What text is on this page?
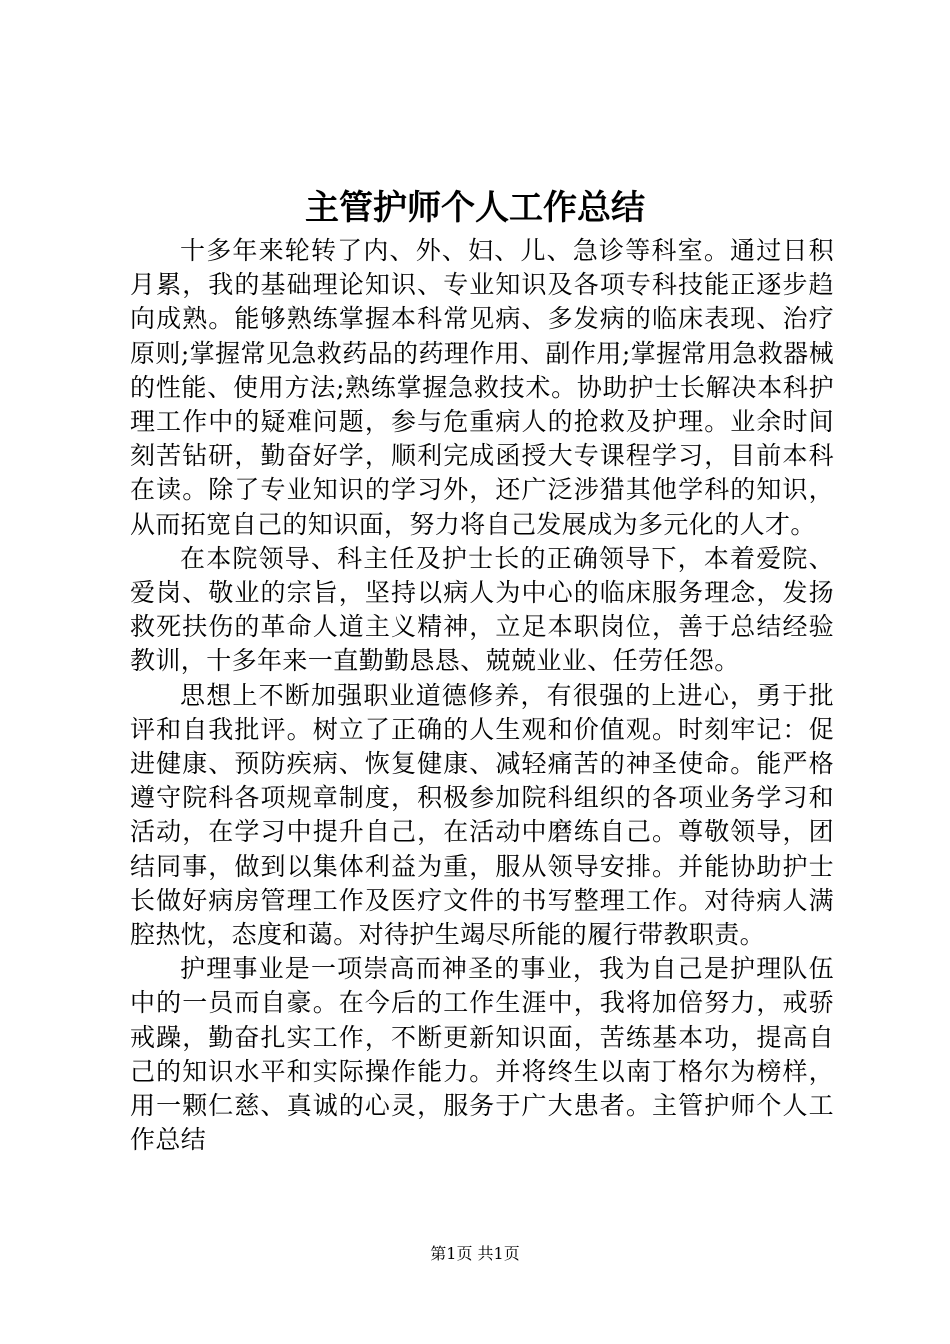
主管护师个人工作总结

十多年来轮转了内、外、妇、儿、急诊等科室。通过日积月累，我的基础理论知识、专业知识及各项专科技能正逐步趋向成熟。能够熟练掌握本科常见病、多发病的临床表现、治疗原则;掌握常见急救药品的药理作用、副作用;掌握常用急救器械的性能、使用方法;熟练掌握急救技术。协助护士长解决本科护理工作中的疑难问题，参与危重病人的抢救及护理。业余时间刻苦钻研，勤奋好学，顺利完成函授大专课程学习，目前本科在读。除了专业知识的学习外，还广泛涉猎其他学科的知识，从而拓宽自己的知识面，努力将自己发展成为多元化的人才。

在本院领导、科主任及护士长的正确领导下，本着爱院、爱岗、敬业的宗旨，坚持以病人为中心的临床服务理念，发扬救死扶伤的革命人道主义精神，立足本职岗位，善于总结经验教训，十多年来一直勤勤恳恳、兢兢业业、任劳任怨。

思想上不断加强职业道德修养，有很强的上进心，勇于批评和自我批评。树立了正确的人生观和价值观。时刻牢记：促进健康、预防疾病、恢复健康、减轻痛苦的神圣使命。能严格遵守院科各项规章制度，积极参加院科组织的各项业务学习和活动，在学习中提升自己，在活动中磨练自己。尊敬领导，团结同事，做到以集体利益为重，服从领导安排。并能协助护士长做好病房管理工作及医疗文件的书写整理工作。对待病人满腔热忱，态度和蔼。对待护生竭尽所能的履行带教职责。

护理事业是一项崇高而神圣的事业，我为自己是护理队伍中的一员而自豪。在今后的工作生涯中，我将加倍努力，戒骄戒躁，勤奋扎实工作，不断更新知识面，苦练基本功，提高自己的知识水平和实际操作能力。并将终生以南丁格尔为榜样，用一颗仁慈、真诚的心灵，服务于广大患者。主管护师个人工作总结

第1页 共1页
